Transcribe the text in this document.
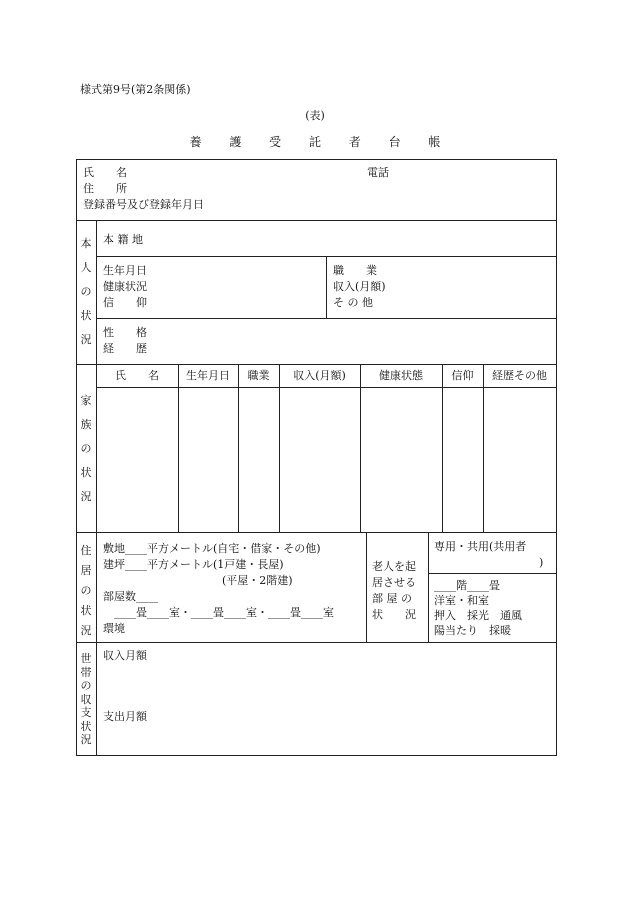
様式第9号(第2条関係)
(表)
養 護 受 託 者 台 帳
氏　　名	電話
住　　所
登録番号及び登録年月日
本
人
の
状
況
本 籍 地
生年月日
健康状況
信　　仰
職　　業
収入(月額)
そ の 他
性　　格
経　　歴
家
族
の
状
況
氏　　名	生年月日	職業	収入(月額)	健康状態	信仰	経歴その他
住
居
の
状
況
敷地____平方メートル(自宅・借家・その他)
建坪____平方メートル(1戸建・長屋)
(平屋・2階建)
部屋数____
____畳____室・____畳____室・____畳____室
環境
老人を起
居させる
部 屋 の
状　　況
専用・共用(共用者
)
____階____畳
洋室・和室
押入　採光　通風
陽当たり　採暖
世
帯
の
収
支
状
況
収入月額
支出月額
